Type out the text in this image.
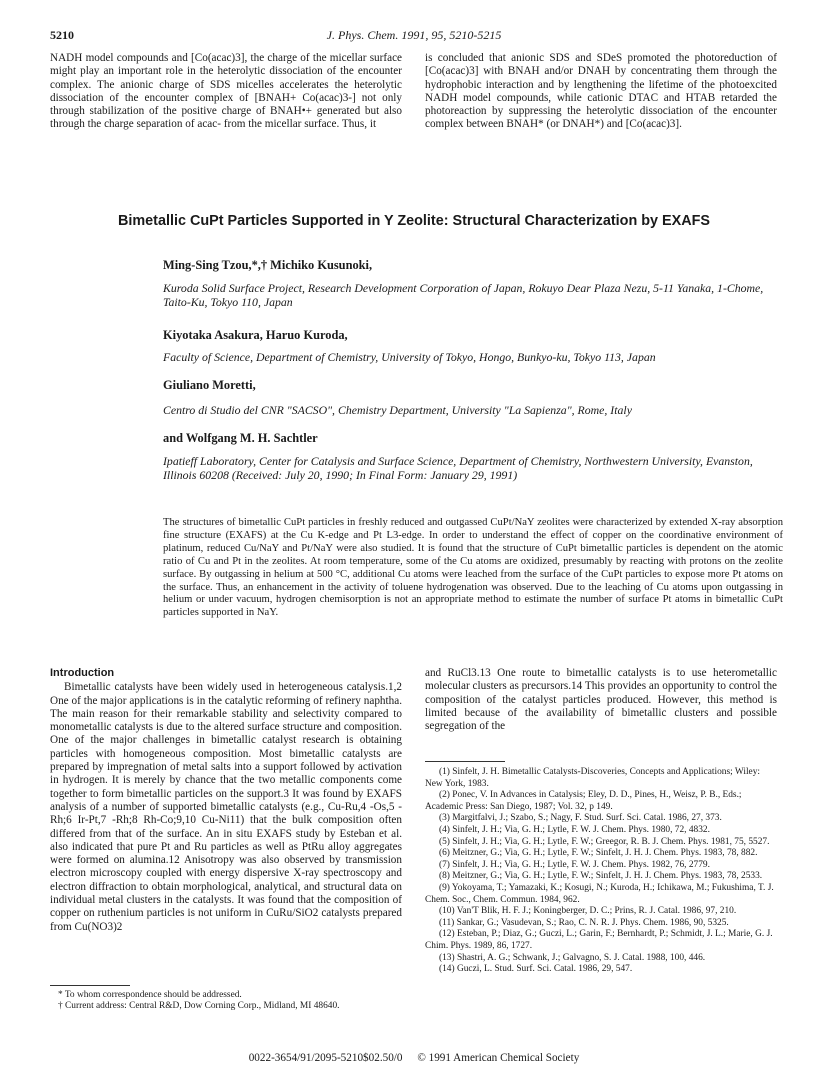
5210	J. Phys. Chem. 1991, 95, 5210-5215
NADH model compounds and [Co(acac)3], the charge of the micellar surface might play an important role in the heterolytic dissociation of the encounter complex. The anionic charge of SDS micelles accelerates the heterolytic dissociation of the encounter complex of [BNAH+ Co(acac)3-] not only through stabilization of the positive charge of BNAH•+ generated but also through the charge separation of acac- from the micellar surface. Thus, it
is concluded that anionic SDS and SDeS promoted the photoreduction of [Co(acac)3] with BNAH and/or DNAH by concentrating them through the hydrophobic interaction and by lengthening the lifetime of the photoexcited NADH model compounds, while cationic DTAC and HTAB retarded the photoreaction by suppressing the heterolytic dissociation of the encounter complex between BNAH* (or DNAH*) and [Co(acac)3].
Bimetallic CuPt Particles Supported in Y Zeolite: Structural Characterization by EXAFS
Ming-Sing Tzou,*,† Michiko Kusunoki,
Kuroda Solid Surface Project, Research Development Corporation of Japan, Rokuyo Dear Plaza Nezu, 5-11 Yanaka, 1-Chome, Taito-Ku, Tokyo 110, Japan
Kiyotaka Asakura, Haruo Kuroda,
Faculty of Science, Department of Chemistry, University of Tokyo, Hongo, Bunkyo-ku, Tokyo 113, Japan
Giuliano Moretti,
Centro di Studio del CNR "SACSO", Chemistry Department, University "La Sapienza", Rome, Italy
and Wolfgang M. H. Sachtler
Ipatieff Laboratory, Center for Catalysis and Surface Science, Department of Chemistry, Northwestern University, Evanston, Illinois 60208 (Received: July 20, 1990; In Final Form: January 29, 1991)
The structures of bimetallic CuPt particles in freshly reduced and outgassed CuPt/NaY zeolites were characterized by extended X-ray absorption fine structure (EXAFS) at the Cu K-edge and Pt L3-edge. In order to understand the effect of copper on the coordinative environment of platinum, reduced Cu/NaY and Pt/NaY were also studied. It is found that the structure of CuPt bimetallic particles is dependent on the atomic ratio of Cu and Pt in the zeolites. At room temperature, some of the Cu atoms are oxidized, presumably by reacting with protons on the zeolite surface. By outgassing in helium at 500 °C, additional Cu atoms were leached from the surface of the CuPt particles to expose more Pt atoms on the surface. Thus, an enhancement in the activity of toluene hydrogenation was observed. Due to the leaching of Cu atoms upon outgassing in helium or under vacuum, hydrogen chemisorption is not an appropriate method to estimate the number of surface Pt atoms in bimetallic CuPt particles supported in NaY.
Introduction

Bimetallic catalysts have been widely used in heterogeneous catalysis.1,2 One of the major applications is in the catalytic reforming of refinery naphtha. The main reason for their remarkable stability and selectivity compared to monometallic catalysts is due to the altered surface structure and composition. One of the major challenges in bimetallic catalyst research is obtaining particles with homogeneous composition. Most bimetallic catalysts are prepared by impregnation of metal salts into a support followed by activation in hydrogen. It is merely by chance that the two metallic components come together to form bimetallic particles on the support.3 It was found by EXAFS analysis of a number of supported bimetallic catalysts (e.g., Cu-Ru,4 -Os,5 -Rh;6 Ir-Pt,7 -Rh;8 Rh-Co;9,10 Cu-Ni11) that the bulk composition often differed from that of the surface. An in situ EXAFS study by Esteban et al. also indicated that pure Pt and Ru particles as well as PtRu alloy aggregates were formed on alumina.12 Anisotropy was also observed by transmission electron microscopy coupled with energy dispersive X-ray spectroscopy and electron diffraction to obtain morphological, analytical, and structural data on individual metal clusters in the catalysts. It was found that the composition of copper on ruthenium particles is not uniform in CuRu/SiO2 catalysts prepared from Cu(NO3)2

and RuCl3.13 One route to bimetallic catalysts is to use heterometallic molecular clusters as precursors.14 This provides an opportunity to control the composition of the catalyst particles produced. However, this method is limited because of the availability of bimetallic clusters and possible segregation of the

(1) Sinfelt, J. H. Bimetallic Catalysts-Discoveries, Concepts and Applications; Wiley: New York, 1983.

(2) Ponec, V. In Advances in Catalysis; Eley, D. D., Pines, H., Weisz, P. B., Eds.; Academic Press: San Diego, 1987; Vol. 32, p 149.

(3) Margitfalvi, J.; Szabo, S.; Nagy, F. Stud. Surf. Sci. Catal. 1986, 27, 373.

(4) Sinfelt, J. H.; Via, G. H.; Lytle, F. W. J. Chem. Phys. 1980, 72, 4832.

(5) Sinfelt, J. H.; Via, G. H.; Lytle, F. W.; Greegor, R. B. J. Chem. Phys. 1981, 75, 5527.

(6) Meitzner, G.; Via, G. H.; Lytle, F. W.; Sinfelt, J. H. J. Chem. Phys. 1983, 78, 882.

(7) Sinfelt, J. H.; Via, G. H.; Lytle, F. W. J. Chem. Phys. 1982, 76, 2779.

(8) Meitzner, G.; Via, G. H.; Lytle, F. W.; Sinfelt, J. H. J. Chem. Phys. 1983, 78, 2533.

(9) Yokoyama, T.; Yamazaki, K.; Kosugi, N.; Kuroda, H.; Ichikawa, M.; Fukushima, T. J. Chem. Soc., Chem. Commun. 1984, 962.

(10) Van'T Blik, H. F. J.; Koningberger, D. C.; Prins, R. J. Catal. 1986, 97, 210.

(11) Sankar, G.; Vasudevan, S.; Rao, C. N. R. J. Phys. Chem. 1986, 90, 5325.

(12) Esteban, P.; Diaz, G.; Guczi, L.; Garin, F.; Bernhardt, P.; Schmidt, J. L.; Marie, G. J. Chim. Phys. 1989, 86, 1727.

(13) Shastri, A. G.; Schwank, J.; Galvagno, S. J. Catal. 1988, 100, 446.

(14) Guczi, L. Stud. Surf. Sci. Catal. 1986, 29, 547.

* To whom correspondence should be addressed.

† Current address: Central R&D, Dow Corning Corp., Midland, MI 48640.

0022-3654/91/2095-5210$02.50/0 © 1991 American Chemical Society
